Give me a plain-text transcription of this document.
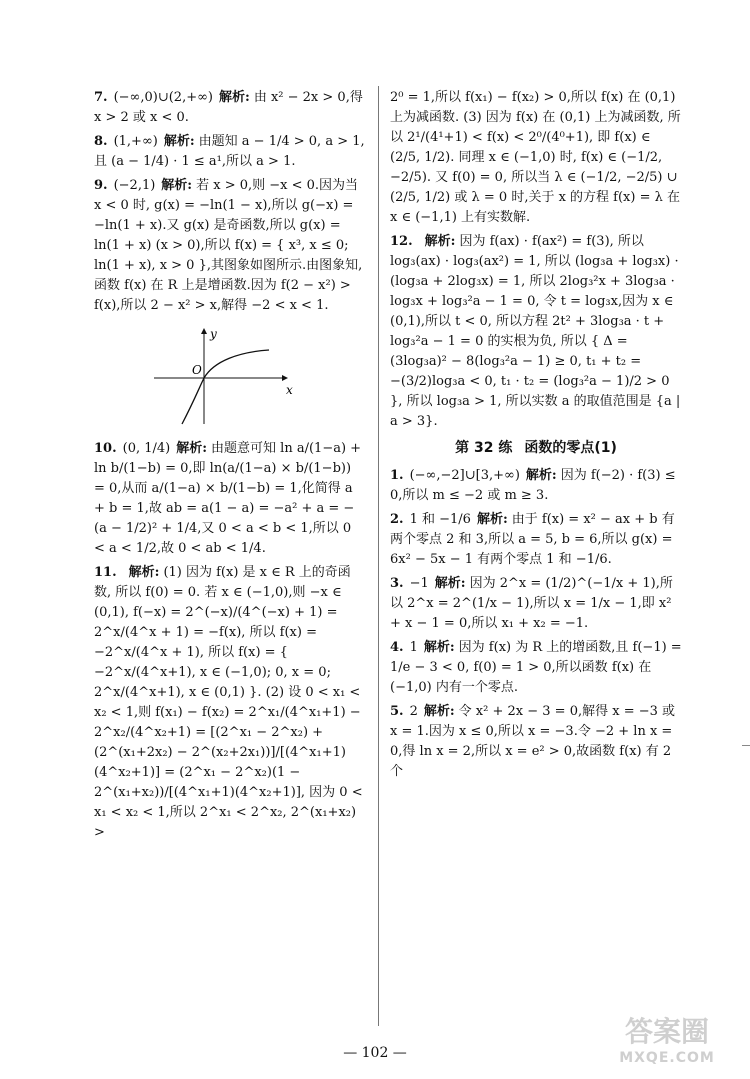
7. (−∞,0)∪(2,+∞) 解析: 由 x² − 2x > 0,得 x > 2 或 x < 0.
8. (1,+∞) 解析: 由题知 a − 1/4 > 0, a > 1,且 (a − 1/4) · 1 ≤ a¹,所以 a > 1.
9. (−2,1) 解析: 若 x > 0,则 −x < 0.因为当 x < 0 时, g(x) = −ln(1 − x),所以 g(−x) = −ln(1 + x).又 g(x) 是奇函数,所以 g(x) = ln(1 + x) (x > 0),所以 f(x) = { x³, x ≤ 0; ln(1 + x), x > 0 },其图象如图所示.由图象知,函数 f(x) 在 R 上是增函数.因为 f(2 − x²) > f(x),所以 2 − x² > x,解得 −2 < x < 1.
y
x
O
10. (0, 1/4) 解析: 由题意可知 ln a/(1−a) + ln b/(1−b) = 0,即 ln(a/(1−a) × b/(1−b)) = 0,从而 a/(1−a) × b/(1−b) = 1,化简得 a + b = 1,故 ab = a(1 − a) = −a² + a = −(a − 1/2)² + 1/4,又 0 < a < b < 1,所以 0 < a < 1/2,故 0 < ab < 1/4.
11. 解析: (1) 因为 f(x) 是 x ∈ R 上的奇函数, 所以 f(0) = 0. 若 x ∈ (−1,0),则 −x ∈ (0,1), f(−x) = 2^(−x)/(4^(−x) + 1) = 2^x/(4^x + 1) = −f(x), 所以 f(x) = −2^x/(4^x + 1), 所以 f(x) = { −2^x/(4^x+1), x ∈ (−1,0); 0, x = 0; 2^x/(4^x+1), x ∈ (0,1) }. (2) 设 0 < x₁ < x₂ < 1,则 f(x₁) − f(x₂) = 2^x₁/(4^x₁+1) − 2^x₂/(4^x₂+1) = [(2^x₁ − 2^x₂) + (2^(x₁+2x₂) − 2^(x₂+2x₁))]/[(4^x₁+1)(4^x₂+1)] = (2^x₁ − 2^x₂)(1 − 2^(x₁+x₂))/[(4^x₁+1)(4^x₂+1)], 因为 0 < x₁ < x₂ < 1,所以 2^x₁ < 2^x₂, 2^(x₁+x₂) >
2⁰ = 1,所以 f(x₁) − f(x₂) > 0,所以 f(x) 在 (0,1) 上为减函数. (3) 因为 f(x) 在 (0,1) 上为减函数, 所以 2¹/(4¹+1) < f(x) < 2⁰/(4⁰+1), 即 f(x) ∈ (2/5, 1/2). 同理 x ∈ (−1,0) 时, f(x) ∈ (−1/2, −2/5). 又 f(0) = 0, 所以当 λ ∈ (−1/2, −2/5) ∪ (2/5, 1/2) 或 λ = 0 时,关于 x 的方程 f(x) = λ 在 x ∈ (−1,1) 上有实数解.
12. 解析: 因为 f(ax) · f(ax²) = f(3), 所以 log₃(ax) · log₃(ax²) = 1, 所以 (log₃a + log₃x) · (log₃a + 2log₃x) = 1, 所以 2log₃²x + 3log₃a · log₃x + log₃²a − 1 = 0, 令 t = log₃x,因为 x ∈ (0,1),所以 t < 0, 所以方程 2t² + 3log₃a · t + log₃²a − 1 = 0 的实根为负, 所以 { Δ = (3log₃a)² − 8(log₃²a − 1) ≥ 0, t₁ + t₂ = −(3/2)log₃a < 0, t₁ · t₂ = (log₃²a − 1)/2 > 0 }, 所以 log₃a > 1, 所以实数 a 的取值范围是 {a | a > 3}.
第 32 练 函数的零点(1)
1. (−∞,−2]∪[3,+∞) 解析: 因为 f(−2) · f(3) ≤ 0,所以 m ≤ −2 或 m ≥ 3.
2. 1 和 −1/6 解析: 由于 f(x) = x² − ax + b 有两个零点 2 和 3,所以 a = 5, b = 6,所以 g(x) = 6x² − 5x − 1 有两个零点 1 和 −1/6.
3. −1 解析: 因为 2^x = (1/2)^(−1/x + 1),所以 2^x = 2^(1/x − 1),所以 x = 1/x − 1,即 x² + x − 1 = 0,所以 x₁ + x₂ = −1.
4. 1 解析: 因为 f(x) 为 R 上的增函数,且 f(−1) = 1/e − 3 < 0, f(0) = 1 > 0,所以函数 f(x) 在 (−1,0) 内有一个零点.
5. 2 解析: 令 x² + 2x − 3 = 0,解得 x = −3 或 x = 1.因为 x ≤ 0,所以 x = −3.令 −2 + ln x = 0,得 ln x = 2,所以 x = e² > 0,故函数 f(x) 有 2 个
— 102 —
答案圈
MXQE.COM
